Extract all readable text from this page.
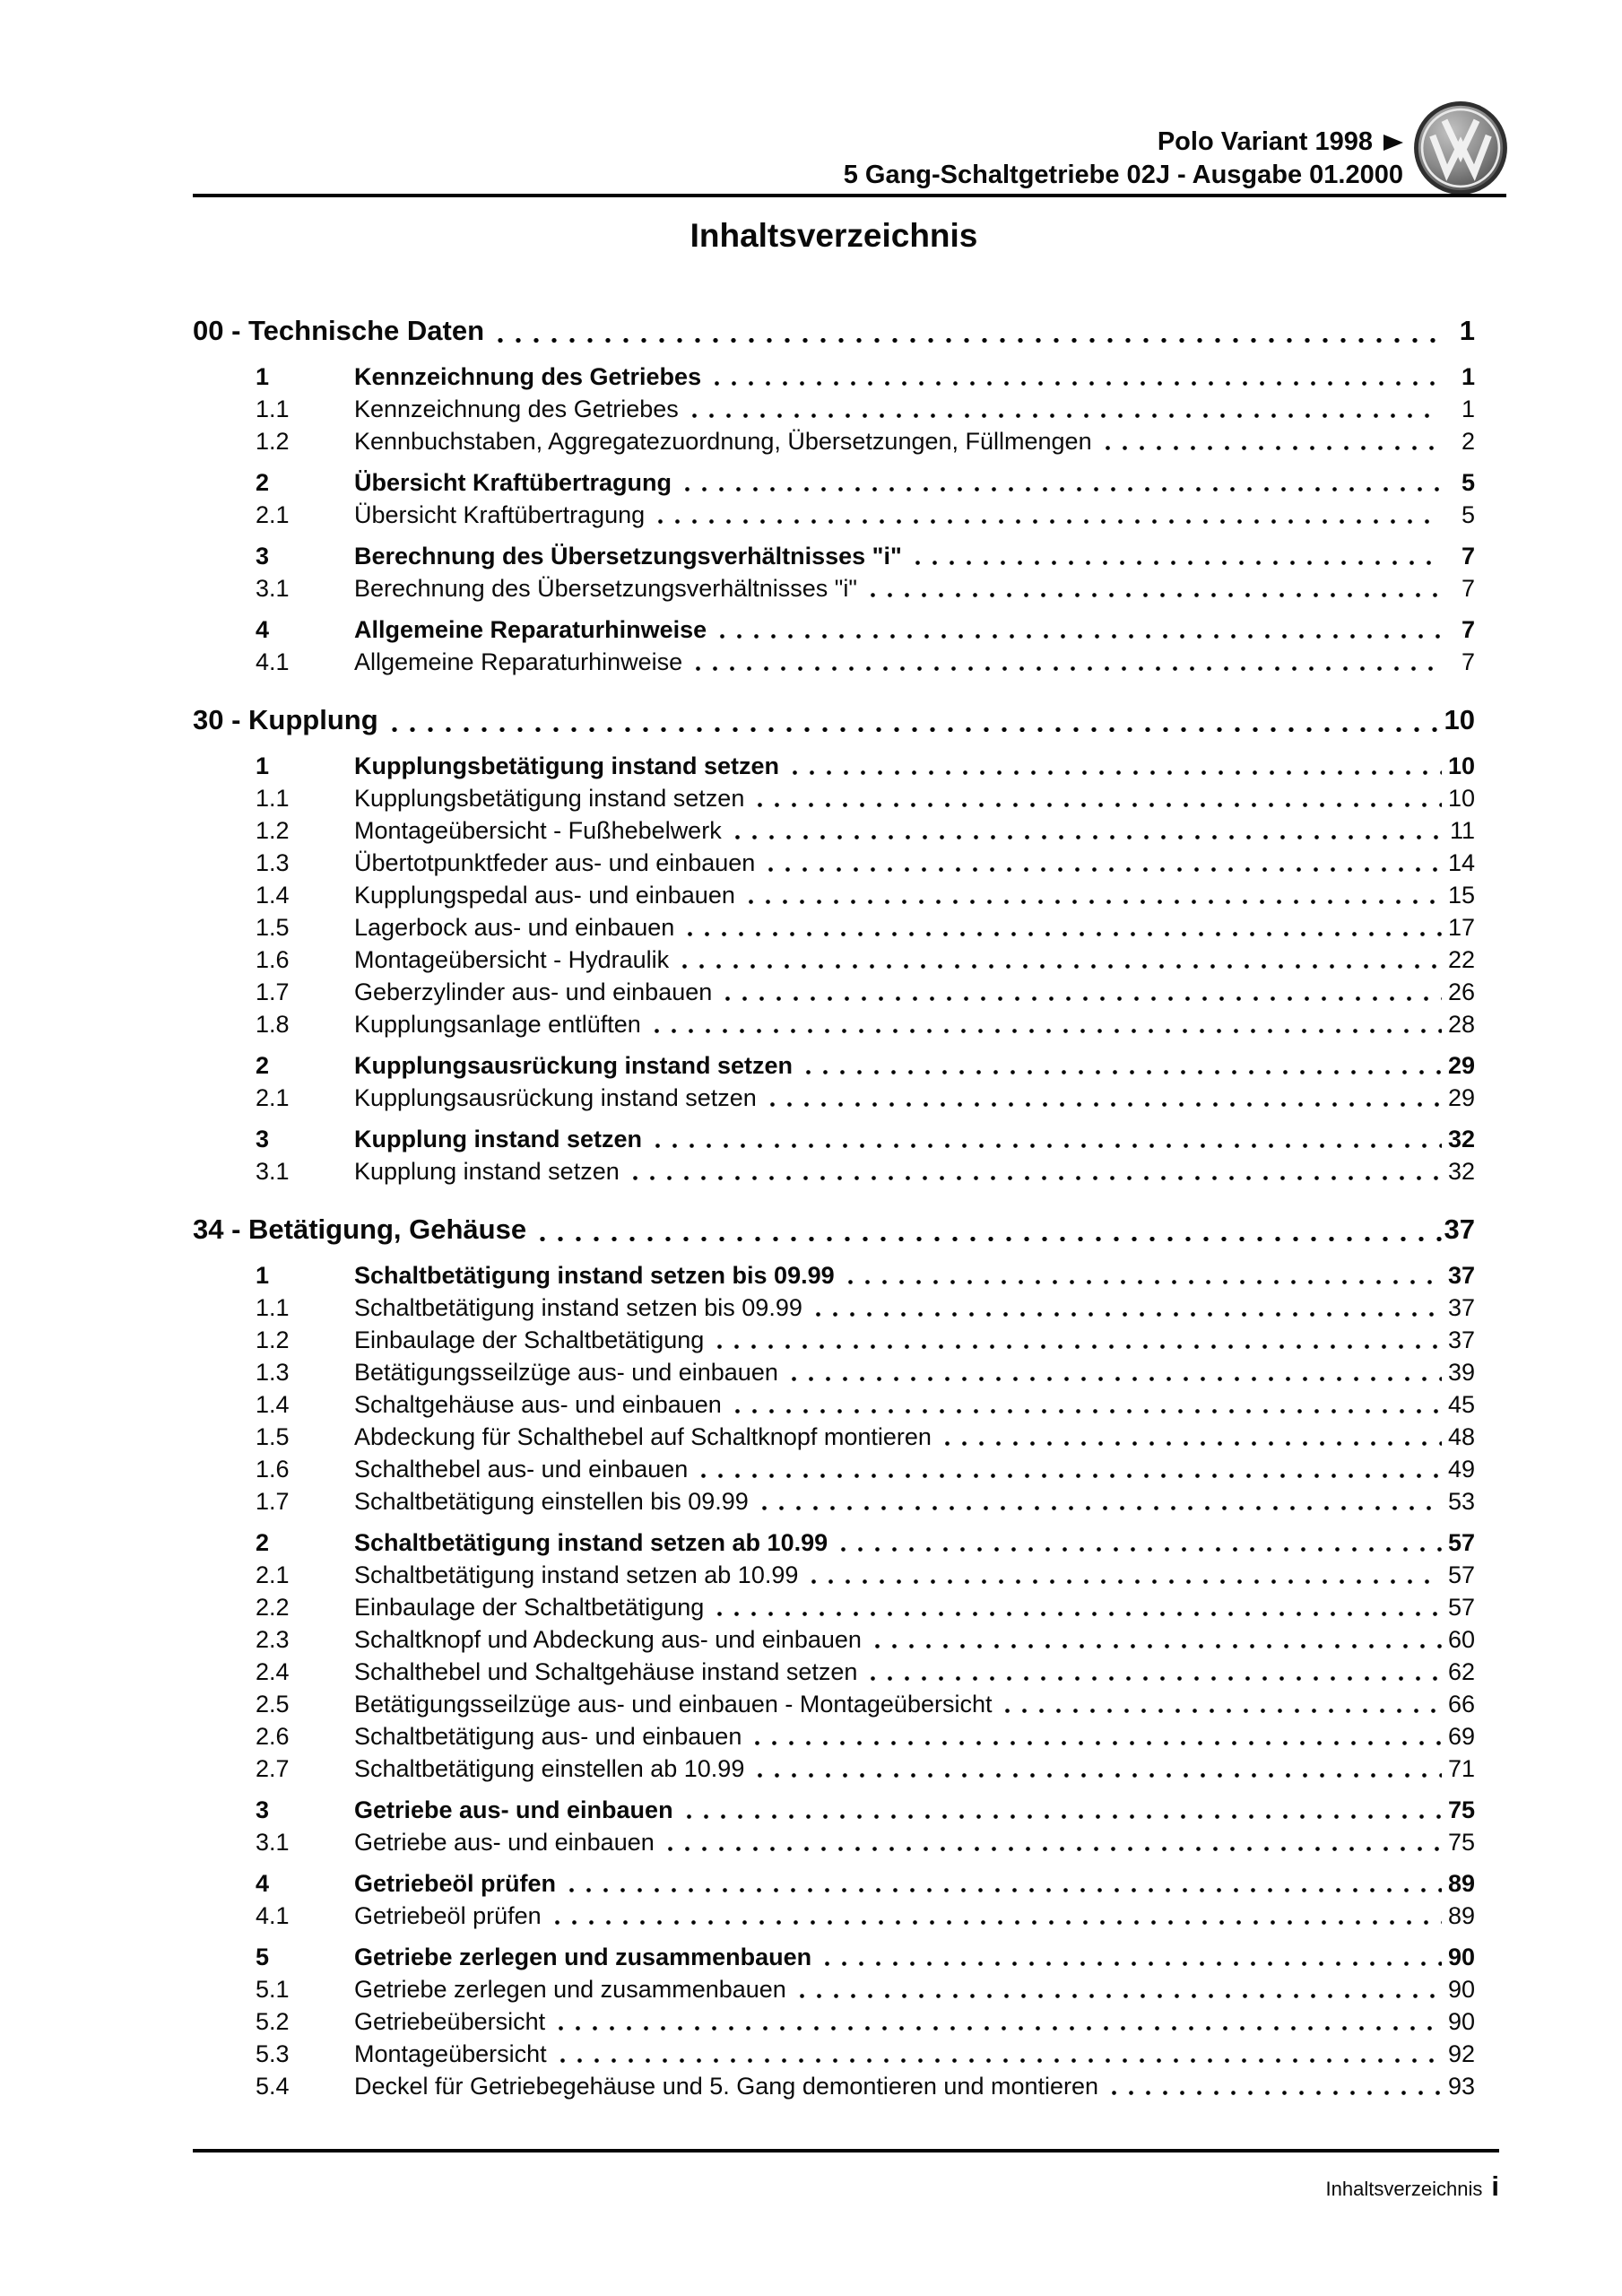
Polo Variant 1998
5 Gang-Schaltgetriebe 02J - Ausgabe 01.2000
Inhaltsverzeichnis
00 - Technische Daten	1
1	Kennzeichnung des Getriebes	1
1.1	Kennzeichnung des Getriebes	1
1.2	Kennbuchstaben, Aggregatezuordnung, Übersetzungen, Füllmengen	2
2	Übersicht Kraftübertragung	5
2.1	Übersicht Kraftübertragung	5
3	Berechnung des Übersetzungsverhältnisses "i"	7
3.1	Berechnung des Übersetzungsverhältnisses "i"	7
4	Allgemeine Reparaturhinweise	7
4.1	Allgemeine Reparaturhinweise	7
30 - Kupplung	10
1	Kupplungsbetätigung instand setzen	10
1.1	Kupplungsbetätigung instand setzen	10
1.2	Montageübersicht - Fußhebelwerk	11
1.3	Übertotpunktfeder aus- und einbauen	14
1.4	Kupplungspedal aus- und einbauen	15
1.5	Lagerbock aus- und einbauen	17
1.6	Montageübersicht - Hydraulik	22
1.7	Geberzylinder aus- und einbauen	26
1.8	Kupplungsanlage entlüften	28
2	Kupplungsausrückung instand setzen	29
2.1	Kupplungsausrückung instand setzen	29
3	Kupplung instand setzen	32
3.1	Kupplung instand setzen	32
34 - Betätigung, Gehäuse	37
1	Schaltbetätigung instand setzen bis 09.99	37
1.1	Schaltbetätigung instand setzen bis 09.99	37
1.2	Einbaulage der Schaltbetätigung	37
1.3	Betätigungsseilzüge aus- und einbauen	39
1.4	Schaltgehäuse aus- und einbauen	45
1.5	Abdeckung für Schalthebel auf Schaltknopf montieren	48
1.6	Schalthebel aus- und einbauen	49
1.7	Schaltbetätigung einstellen bis 09.99	53
2	Schaltbetätigung instand setzen ab 10.99	57
2.1	Schaltbetätigung instand setzen ab 10.99	57
2.2	Einbaulage der Schaltbetätigung	57
2.3	Schaltknopf und Abdeckung aus- und einbauen	60
2.4	Schalthebel und Schaltgehäuse instand setzen	62
2.5	Betätigungsseilzüge aus- und einbauen - Montageübersicht	66
2.6	Schaltbetätigung aus- und einbauen	69
2.7	Schaltbetätigung einstellen ab 10.99	71
3	Getriebe aus- und einbauen	75
3.1	Getriebe aus- und einbauen	75
4	Getriebeöl prüfen	89
4.1	Getriebeöl prüfen	89
5	Getriebe zerlegen und zusammenbauen	90
5.1	Getriebe zerlegen und zusammenbauen	90
5.2	Getriebeübersicht	90
5.3	Montageübersicht	92
5.4	Deckel für Getriebegehäuse und 5. Gang demontieren und montieren	93
Inhaltsverzeichnis i
